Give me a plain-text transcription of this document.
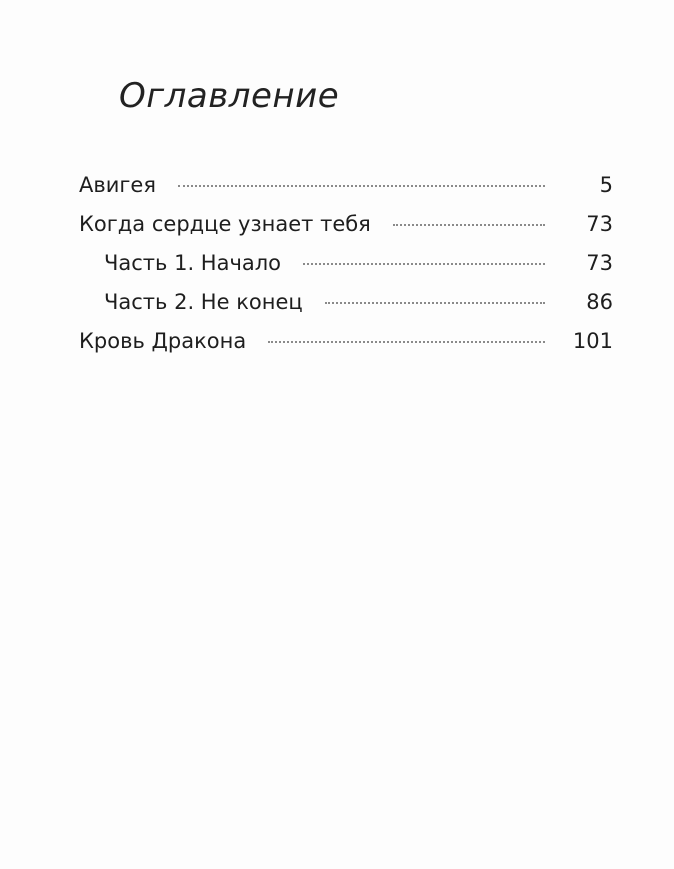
Оглавление
Авигея	5
Когда сердце узнает тебя	73
Часть 1. Начало	73
Часть 2. Не конец	86
Кровь Дракона	101
